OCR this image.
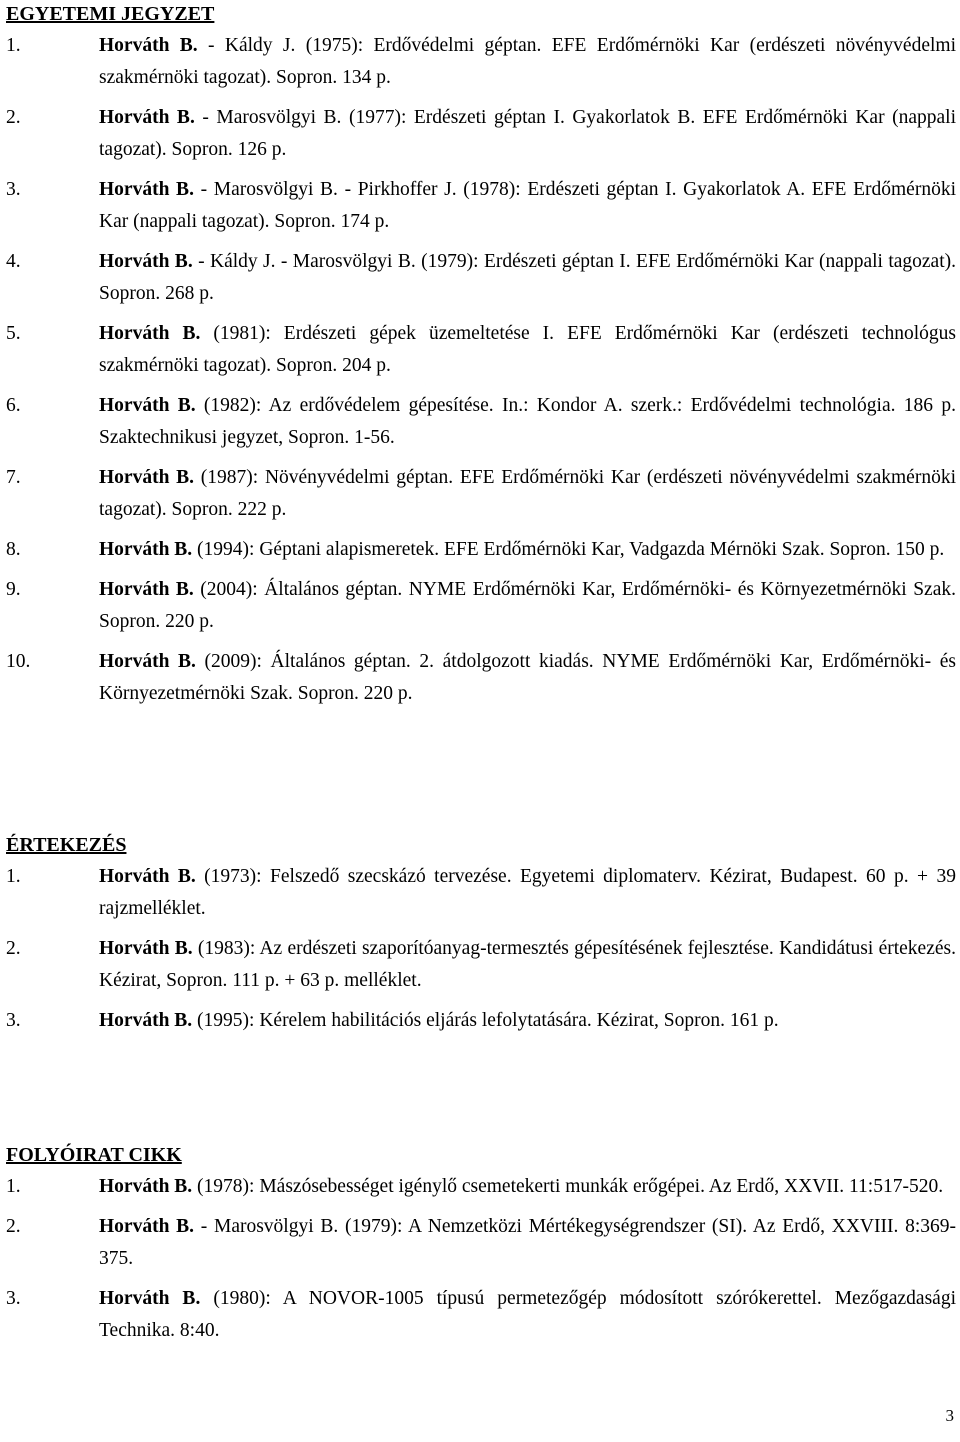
EGYETEMI JEGYZET
1.	Horváth B. - Káldy J. (1975): Erdővédelmi géptan. EFE Erdőmérnöki Kar (erdészeti növényvédelmi szakmérnöki tagozat). Sopron. 134 p.
2.	Horváth B. - Marosvölgyi B. (1977): Erdészeti géptan I. Gyakorlatok B. EFE Erdőmérnöki Kar (nappali tagozat). Sopron. 126 p.
3.	Horváth B. - Marosvölgyi B. - Pirkhoffer J. (1978): Erdészeti géptan I. Gyakorlatok A. EFE Erdőmérnöki Kar (nappali tagozat). Sopron. 174 p.
4.	Horváth B. - Káldy J. - Marosvölgyi B. (1979): Erdészeti géptan I. EFE Erdőmérnöki Kar (nappali tagozat). Sopron. 268 p.
5.	Horváth B. (1981): Erdészeti gépek üzemeltetése I. EFE Erdőmérnöki Kar (erdészeti technológus szakmérnöki tagozat). Sopron. 204 p.
6.	Horváth B. (1982): Az erdővédelem gépesítése. In.: Kondor A. szerk.: Erdővédelmi technológia. 186 p. Szaktechnikusi jegyzet, Sopron. 1-56.
7.	Horváth B. (1987): Növényvédelmi géptan. EFE Erdőmérnöki Kar (erdészeti növényvédelmi szakmérnöki tagozat). Sopron. 222 p.
8.	Horváth B. (1994): Géptani alapismeretek. EFE Erdőmérnöki Kar, Vadgazda Mérnöki Szak. Sopron. 150 p.
9.	Horváth B. (2004): Általános géptan. NYME Erdőmérnöki Kar, Erdőmérnöki- és Környezetmérnöki Szak. Sopron. 220 p.
10.	Horváth B. (2009): Általános géptan. 2. átdolgozott kiadás. NYME Erdőmérnöki Kar, Erdőmérnöki- és Környezetmérnöki Szak. Sopron. 220 p.
ÉRTEKEZÉS
1.	Horváth B. (1973): Felszedő szecskázó tervezése. Egyetemi diplomaterv. Kézirat, Budapest. 60 p. + 39 rajzmelléklet.
2.	Horváth B. (1983): Az erdészeti szaporítóanyag-termesztés gépesítésének fejlesztése. Kandidátusi értekezés. Kézirat, Sopron. 111 p. + 63 p. melléklet.
3.	Horváth B. (1995): Kérelem habilitációs eljárás lefolytatására. Kézirat, Sopron. 161 p.
FOLYÓIRAT CIKK
1.	Horváth B. (1978): Mászósebességet igénylő csemetekerti munkák erőgépei. Az Erdő, XXVII. 11:517-520.
2.	Horváth B. - Marosvölgyi B. (1979): A Nemzetközi Mértékegységrendszer (SI). Az Erdő, XXVIII. 8:369-375.
3.	Horváth B. (1980): A NOVOR-1005 típusú permetezőgép módosított szórókerettel. Mezőgazdasági Technika. 8:40.
3
